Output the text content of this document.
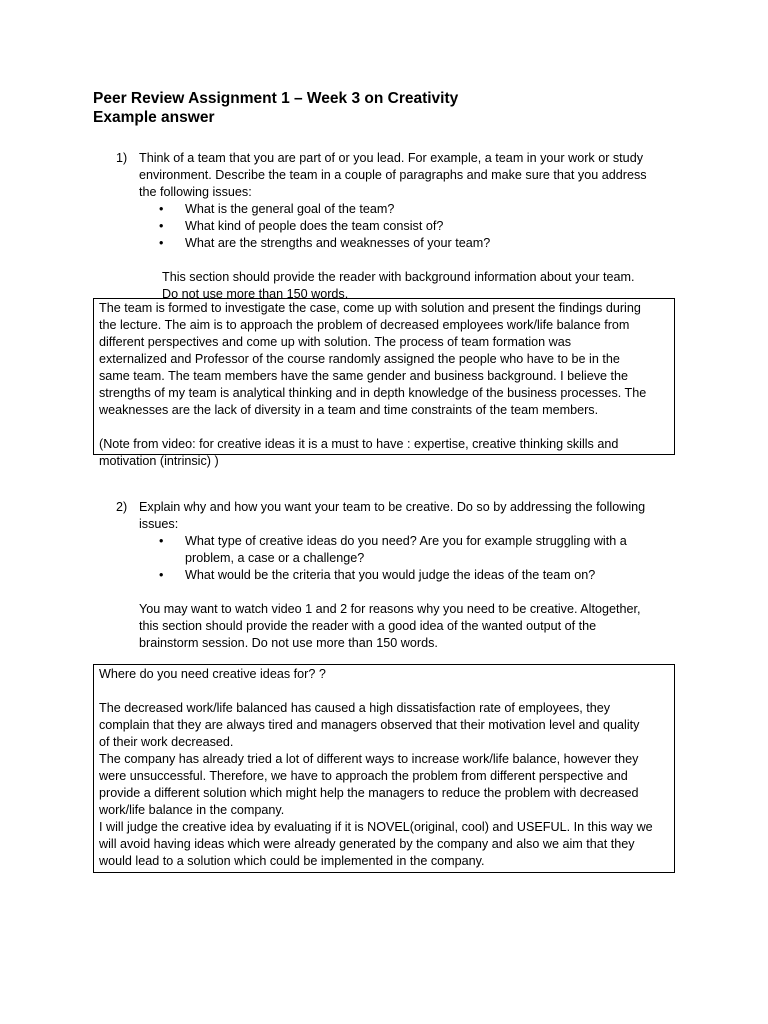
Peer Review Assignment 1 – Week 3 on Creativity
Example answer
1) Think of a team that you are part of or you lead. For example, a team in your work or study
environment. Describe the team in a couple of paragraphs and make sure that you address
the following issues:
• What is the general goal of the team?
• What kind of people does the team consist of?
• What are the strengths and weaknesses of your team?
This section should provide the reader with background information about your team.
Do not use more than 150 words.

The team is formed to investigate the case, come up with solution and present the findings during

the lecture. The aim is to approach the problem of decreased employees work/life balance from

different perspectives and come up with solution. The process of team formation was

externalized and Professor of the course randomly assigned the people who have to be in the

same team. The team members have the same gender and business background. I believe the

strengths of my team is analytical thinking and in depth knowledge of the business processes. The

weaknesses are the lack of diversity in a team and time constraints of the team members.

(Note from video: for creative ideas it is a must to have : expertise, creative thinking skills and

motivation (intrinsic) )

2) Explain why and how you want your team to be creative. Do so by addressing the following
issues:
• What type of creative ideas do you need? Are you for example struggling with a
problem, a case or a challenge?
• What would be the criteria that you would judge the ideas of the team on?
You may want to watch video 1 and 2 for reasons why you need to be creative. Altogether,
this section should provide the reader with a good idea of the wanted output of the
brainstorm session. Do not use more than 150 words.

Where do you need creative ideas for? ?

The decreased work/life balanced has caused a high dissatisfaction rate of employees, they

complain that they are always tired and managers observed that their motivation level and quality

of their work decreased.

The company has already tried a lot of different ways to increase work/life balance, however they

were unsuccessful. Therefore, we have to approach the problem from different perspective and

provide a different solution which might help the managers to reduce the problem with decreased

work/life balance in the company.

I will judge the creative idea by evaluating if it is NOVEL(original, cool) and USEFUL. In this way we

will avoid having ideas which were already generated by the company and also we aim that they

would lead to a solution which could be implemented in the company.
